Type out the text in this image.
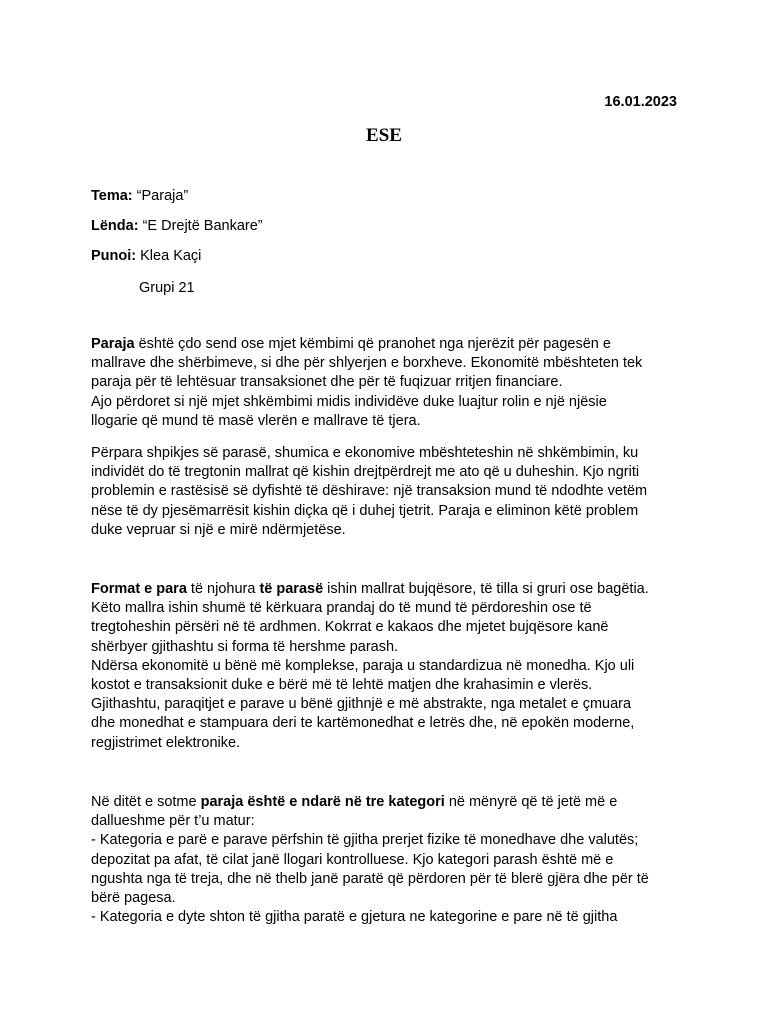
16.01.2023
ESE
Tema: “Paraja”
Lënda: “E Drejtë Bankare”
Punoi: Klea Kaçi
Grupi 21
Paraja është çdo send ose mjet këmbimi që pranohet nga njerëzit për pagesën e
mallrave dhe shërbimeve, si dhe për shlyerjen e borxheve. Ekonomitë mbështeten tek
paraja për të lehtësuar transaksionet dhe për të fuqizuar rritjen financiare.
Ajo përdoret si një mjet shkëmbimi midis individëve duke luajtur rolin e një njësie
llogarie që mund të masë vlerën e mallrave të tjera.
Përpara shpikjes së parasë, shumica e ekonomive mbështeteshin në shkëmbimin, ku
individët do të tregtonin mallrat që kishin drejtpërdrejt me ato që u duheshin. Kjo ngriti
problemin e rastësisë së dyfishtë të dëshirave: një transaksion mund të ndodhte vetëm
nëse të dy pjesëmarrësit kishin diçka që i duhej tjetrit. Paraja e eliminon këtë problem
duke vepruar si një e mirë ndërmjetëse.
Format e para të njohura të parasë ishin mallrat bujqësore, të tilla si gruri ose bagëtia.
Këto mallra ishin shumë të kërkuara prandaj do të mund të përdoreshin ose të
tregtoheshin përsëri në të ardhmen. Kokrrat e kakaos dhe mjetet bujqësore kanë
shërbyer gjithashtu si forma të hershme parash.
Ndërsa ekonomitë u bënë më komplekse, paraja u standardizua në monedha. Kjo uli
kostot e transaksionit duke e bërë më të lehtë matjen dhe krahasimin e vlerës.
Gjithashtu, paraqitjet e parave u bënë gjithnjë e më abstrakte, nga metalet e çmuara
dhe monedhat e stampuara deri te kartëmonedhat e letrës dhe, në epokën moderne,
regjistrimet elektronike.
Në ditët e sotme paraja është e ndarë në tre kategori në mënyrë që të jetë më e
dallueshme për t’u matur:
- Kategoria e parë e parave përfshin të gjitha prerjet fizike të monedhave dhe valutës;
depozitat pa afat, të cilat janë llogari kontrolluese. Kjo kategori parash është më e
ngushta nga të treja, dhe në thelb janë paratë që përdoren për të blerë gjëra dhe për të
bërë pagesa.
- Kategoria e dyte shton të gjitha paratë e gjetura ne kategorine e pare në të gjitha
